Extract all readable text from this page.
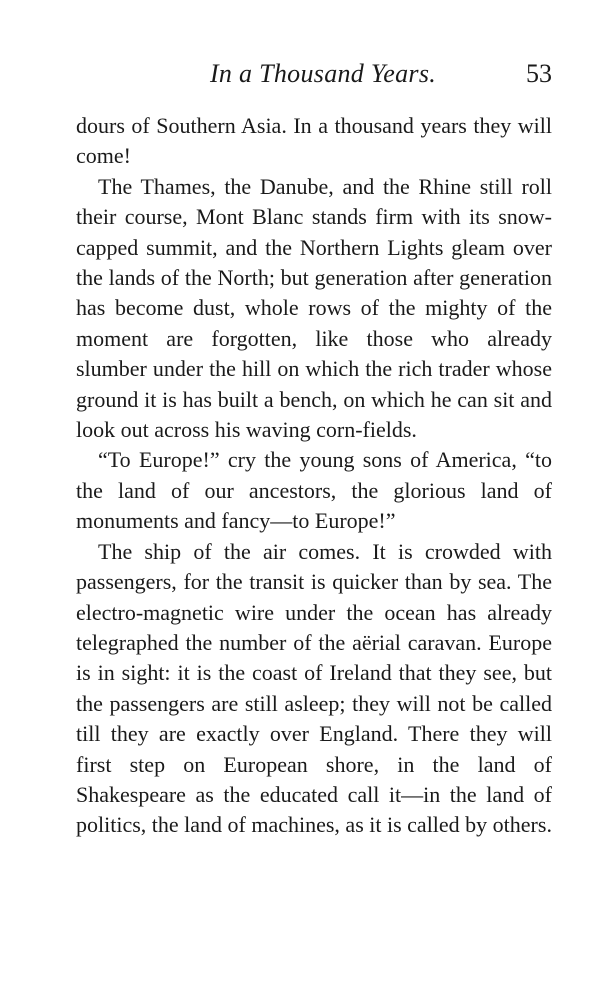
In a Thousand Years.	53

dours of Southern Asia. In a thousand years they will come!

The Thames, the Danube, and the Rhine still roll their course, Mont Blanc stands firm with its snow-capped summit, and the Northern Lights gleam over the lands of the North; but generation after generation has become dust, whole rows of the mighty of the moment are forgotten, like those who already slumber under the hill on which the rich trader whose ground it is has built a bench, on which he can sit and look out across his waving corn-fields.

“To Europe!” cry the young sons of America, “to the land of our ancestors, the glorious land of monuments and fancy—to Europe!”

The ship of the air comes. It is crowded with passengers, for the transit is quicker than by sea. The electro-magnetic wire under the ocean has already telegraphed the number of the aërial caravan. Europe is in sight: it is the coast of Ireland that they see, but the passengers are still asleep; they will not be called till they are exactly over England. There they will first step on European shore, in the land of Shakespeare as the educated call it—in the land of politics, the land of machines, as it is called by others.
